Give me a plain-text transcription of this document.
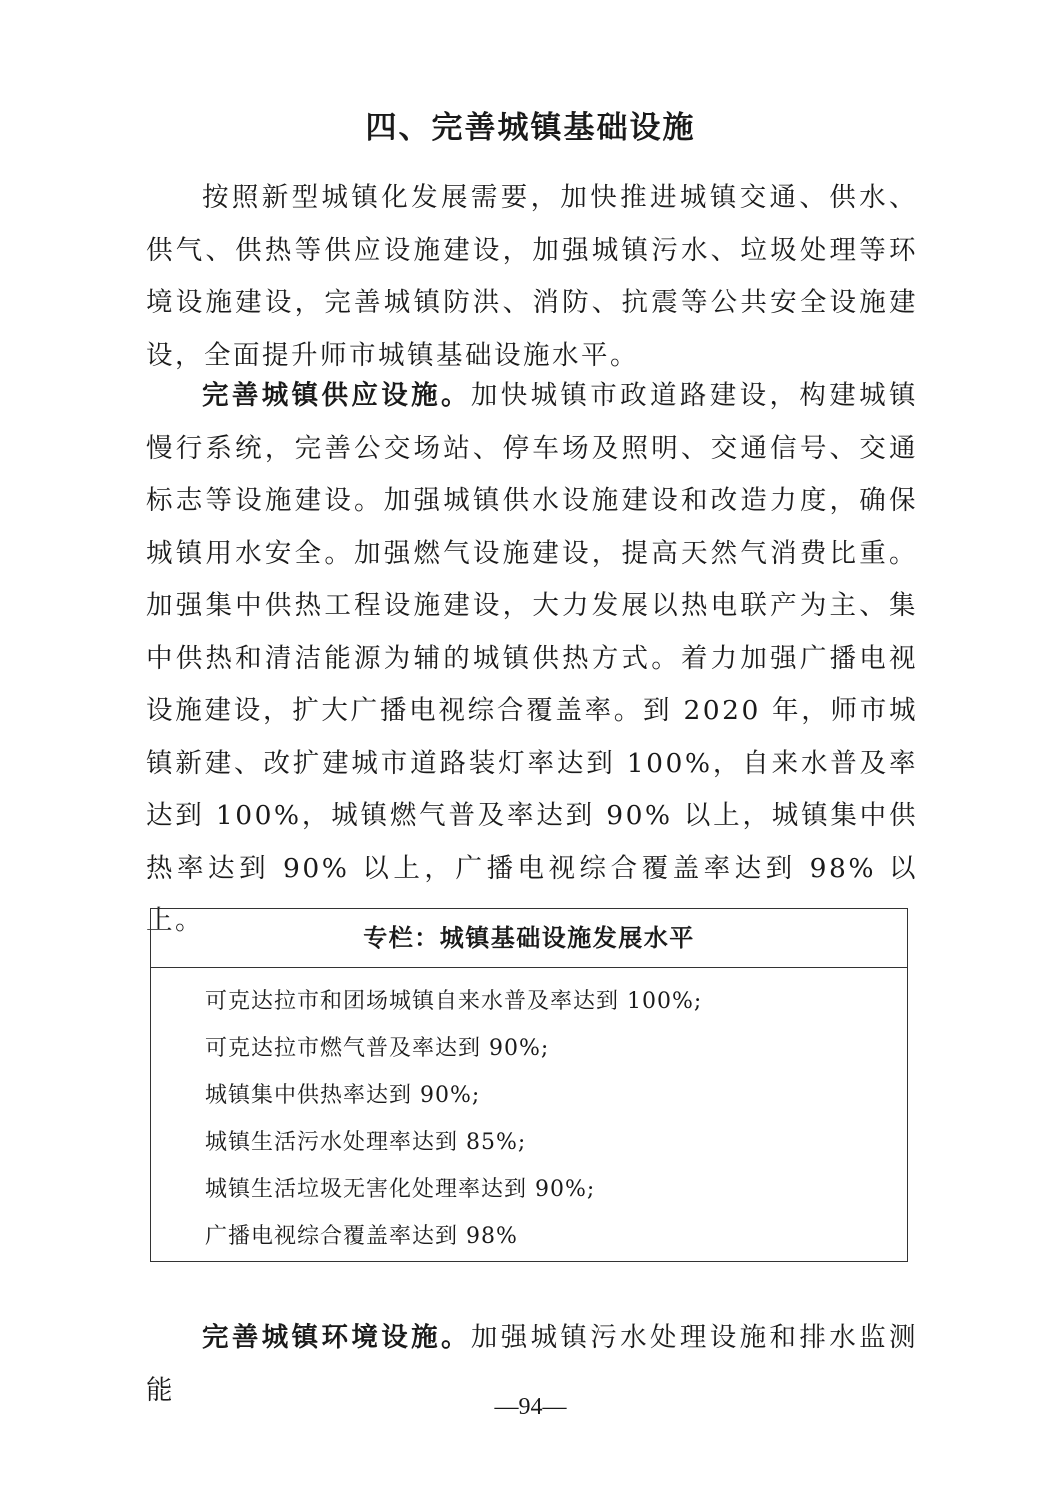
四、完善城镇基础设施

按照新型城镇化发展需要，加快推进城镇交通、供水、供气、供热等供应设施建设，加强城镇污水、垃圾处理等环境设施建设，完善城镇防洪、消防、抗震等公共安全设施建设，全面提升师市城镇基础设施水平。

完善城镇供应设施。加快城镇市政道路建设，构建城镇慢行系统，完善公交场站、停车场及照明、交通信号、交通标志等设施建设。加强城镇供水设施建设和改造力度，确保城镇用水安全。加强燃气设施建设，提高天然气消费比重。加强集中供热工程设施建设，大力发展以热电联产为主、集中供热和清洁能源为辅的城镇供热方式。着力加强广播电视设施建设，扩大广播电视综合覆盖率。到 2020 年，师市城镇新建、改扩建城市道路装灯率达到 100%，自来水普及率达到 100%，城镇燃气普及率达到 90% 以上，城镇集中供热率达到 90% 以上，广播电视综合覆盖率达到 98% 以上。

专栏：城镇基础设施发展水平
可克达拉市和团场城镇自来水普及率达到 100%;
可克达拉市燃气普及率达到 90%;
城镇集中供热率达到 90%;
城镇生活污水处理率达到 85%;
城镇生活垃圾无害化处理率达到 90%;
广播电视综合覆盖率达到 98%

完善城镇环境设施。加强城镇污水处理设施和排水监测能

—94—
